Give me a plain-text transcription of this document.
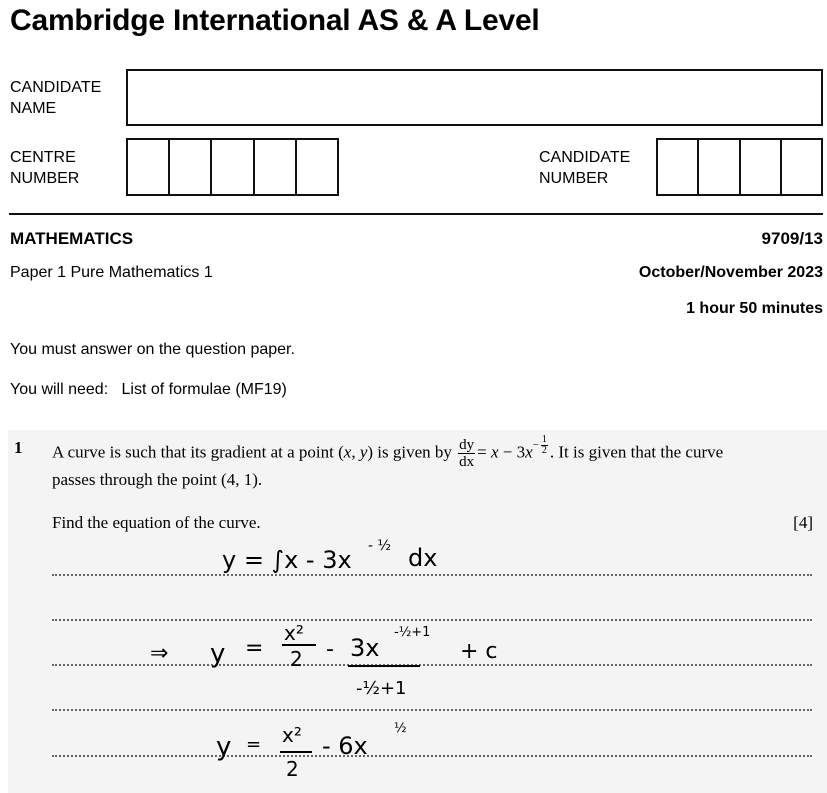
Cambridge International AS & A Level
CANDIDATE
NAME
CENTRE
NUMBER
CANDIDATE
NUMBER
MATHEMATICS	9709/13
Paper 1 Pure Mathematics 1	October/November 2023
1 hour 50 minutes
You must answer on the question paper.
You will need: List of formulae (MF19)
1 A curve is such that its gradient at a point (x, y) is given by $\frac{dy}{dx} = x - 3x^{- \frac{1}{2}}$ . It is given that the curve
passes through the point (4, 1).
Find the equation of the curve.	[4]
y = ∫x - 3x - ½ dx
⇒ y =
x²
2 - 3x
-½+1
-½+1
+ c
y = x²
2
- 6x
½
